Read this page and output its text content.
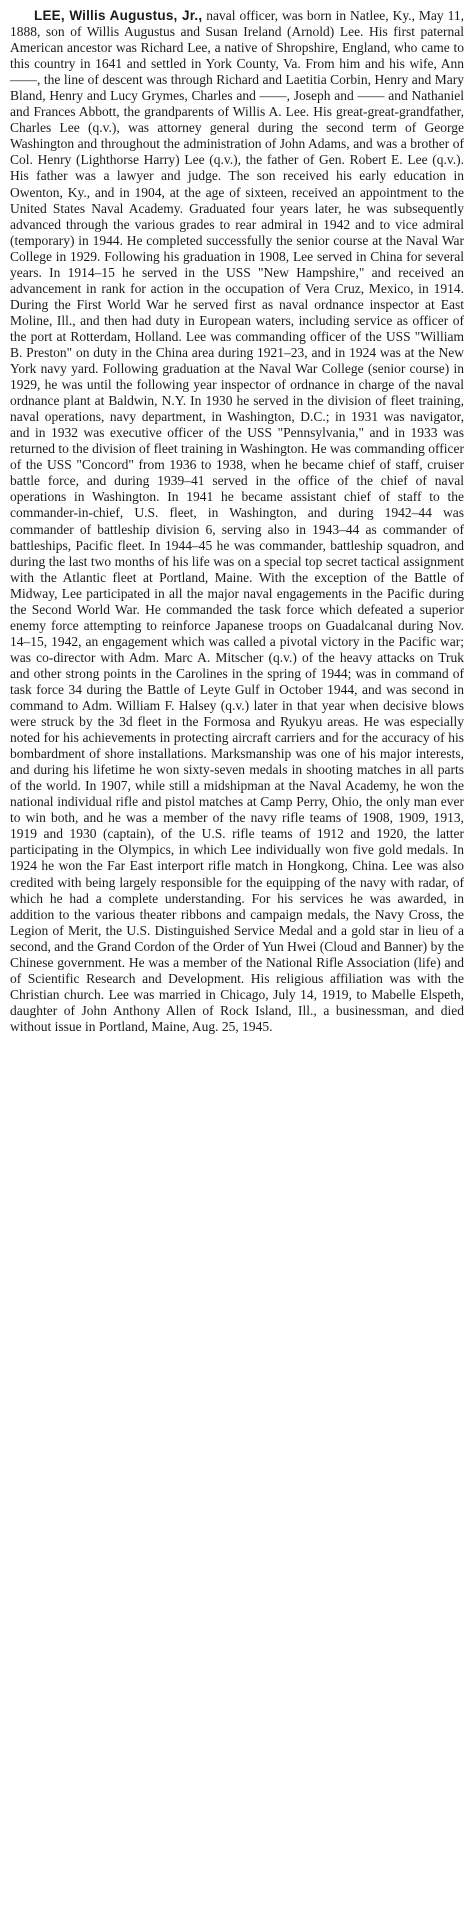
LEE, Willis Augustus, Jr., naval officer, was born in Natlee, Ky., May 11, 1888, son of Willis Augustus and Susan Ireland (Arnold) Lee. His first paternal American ancestor was Richard Lee, a native of Shropshire, England, who came to this country in 1641 and settled in York County, Va. From him and his wife, Ann ——, the line of descent was through Richard and Laetitia Corbin, Henry and Mary Bland, Henry and Lucy Grymes, Charles and ——, Joseph and —— and Nathaniel and Frances Abbott, the grandparents of Willis A. Lee. His great-great-grandfather, Charles Lee (q.v.), was attorney general during the second term of George Washington and throughout the administration of John Adams, and was a brother of Col. Henry (Lighthorse Harry) Lee (q.v.), the father of Gen. Robert E. Lee (q.v.). His father was a lawyer and judge. The son received his early education in Owenton, Ky., and in 1904, at the age of sixteen, received an appointment to the United States Naval Academy. Graduated four years later, he was subsequently advanced through the various grades to rear admiral in 1942 and to vice admiral (temporary) in 1944. He completed successfully the senior course at the Naval War College in 1929. Following his graduation in 1908, Lee served in China for several years. In 1914–15 he served in the USS "New Hampshire," and received an advancement in rank for action in the occupation of Vera Cruz, Mexico, in 1914. During the First World War he served first as naval ordnance inspector at East Moline, Ill., and then had duty in European waters, including service as officer of the port at Rotterdam, Holland. Lee was commanding officer of the USS "William B. Preston" on duty in the China area during 1921–23, and in 1924 was at the New York navy yard. Following graduation at the Naval War College (senior course) in 1929, he was until the following year inspector of ordnance in charge of the naval ordnance plant at Baldwin, N.Y. In 1930 he served in the division of fleet training, naval operations, navy department, in Washington, D.C.; in 1931 was navigator, and in 1932 was executive officer of the USS "Pennsylvania," and in 1933 was returned to the division of fleet training in Washington. He was commanding officer of the USS "Concord" from 1936 to 1938, when he became chief of staff, cruiser battle force, and during 1939–41 served in the office of the chief of naval operations in Washington. In 1941 he became assistant chief of staff to the commander-in-chief, U.S. fleet, in Washington, and during 1942–44 was commander of battleship division 6, serving also in 1943–44 as commander of battleships, Pacific fleet. In 1944–45 he was commander, battleship squadron, and during the last two months of his life was on a special top secret tactical assignment with the Atlantic fleet at Portland, Maine. With the exception of the Battle of Midway, Lee participated in all the major naval engagements in the Pacific during the Second World War. He commanded the task force which defeated a superior enemy force attempting to reinforce Japanese troops on Guadalcanal during Nov. 14–15, 1942, an engagement which was called a pivotal victory in the Pacific war; was co-director with Adm. Marc A. Mitscher (q.v.) of the heavy attacks on Truk and other strong points in the Carolines in the spring of 1944; was in command of task force 34 during the Battle of Leyte Gulf in October 1944, and was second in command to Adm. William F. Halsey (q.v.) later in that year when decisive blows were struck by the 3d fleet in the Formosa and Ryukyu areas. He was especially noted for his achievements in protecting aircraft carriers and for the accuracy of his bombardment of shore installations. Marksmanship was one of his major interests, and during his lifetime he won sixty-seven medals in shooting matches in all parts of the world. In 1907, while still a midshipman at the Naval Academy, he won the national individual rifle and pistol matches at Camp Perry, Ohio, the only man ever to win both, and he was a member of the navy rifle teams of 1908, 1909, 1913, 1919 and 1930 (captain), of the U.S. rifle teams of 1912 and 1920, the latter participating in the Olympics, in which Lee individually won five gold medals. In 1924 he won the Far East interport rifle match in Hongkong, China. Lee was also credited with being largely responsible for the equipping of the navy with radar, of which he had a complete understanding. For his services he was awarded, in addition to the various theater ribbons and campaign medals, the Navy Cross, the Legion of Merit, the U.S. Distinguished Service Medal and a gold star in lieu of a second, and the Grand Cordon of the Order of Yun Hwei (Cloud and Banner) by the Chinese government. He was a member of the National Rifle Association (life) and of Scientific Research and Development. His religious affiliation was with the Christian church. Lee was married in Chicago, July 14, 1919, to Mabelle Elspeth, daughter of John Anthony Allen of Rock Island, Ill., a businessman, and died without issue in Portland, Maine, Aug. 25, 1945.
